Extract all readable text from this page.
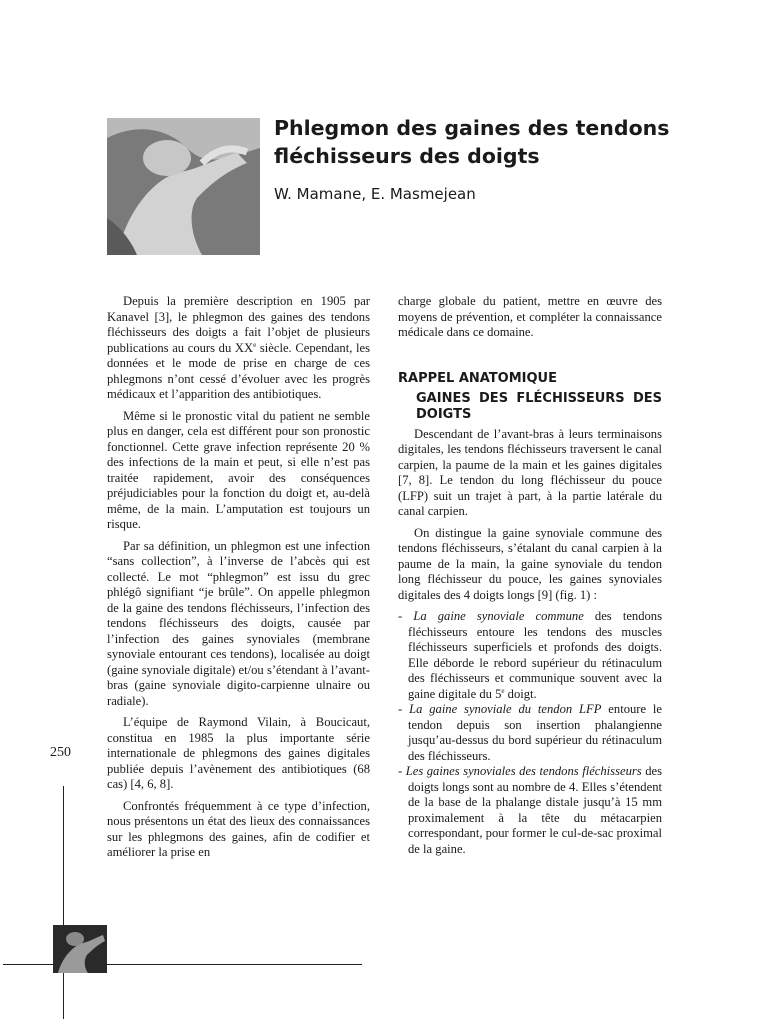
Phlegmon des gaines des tendons fléchisseurs des doigts

W. Mamane, E. Masmejean

Depuis la première description en 1905 par Kanavel [3], le phlegmon des gaines des tendons fléchisseurs des doigts a fait l’objet de plusieurs publications au cours du XXe siècle. Cependant, les données et le mode de prise en charge de ces phlegmons n’ont cessé d’évoluer avec les progrès médicaux et l’apparition des antibiotiques.

Même si le pronostic vital du patient ne semble plus en danger, cela est différent pour son pronostic fonctionnel. Cette grave infection représente 20 % des infections de la main et peut, si elle n’est pas traitée rapidement, avoir des conséquences préjudiciables pour la fonction du doigt et, au-delà même, de la main. L’amputation est toujours un risque.

Par sa définition, un phlegmon est une infection “sans collection”, à l’inverse de l’abcès qui est collecté. Le mot “phlegmon” est issu du grec phlégô signifiant “je brûle”. On appelle phlegmon de la gaine des tendons fléchisseurs, l’infection des tendons fléchisseurs des doigts, causée par l’infection des gaines synoviales (membrane synoviale entourant ces tendons), localisée au doigt (gaine synoviale digitale) et/ou s’étendant à l’avant-bras (gaine synoviale digito-carpienne ulnaire ou radiale).

L’équipe de Raymond Vilain, à Boucicaut, constitua en 1985 la plus importante série internationale de phlegmons des gaines digitales publiée depuis l’avènement des antibiotiques (68 cas) [4, 6, 8].

Confrontés fréquemment à ce type d’infection, nous présentons un état des lieux des connaissances sur les phlegmons des gaines, afin de codifier et améliorer la prise en

charge globale du patient, mettre en œuvre des moyens de prévention, et compléter la connaissance médicale dans ce domaine.

RAPPEL ANATOMIQUE
GAINES DES FLÉCHISSEURS DES DOIGTS

Descendant de l’avant-bras à leurs terminaisons digitales, les tendons fléchisseurs traversent le canal carpien, la paume de la main et les gaines digitales [7, 8]. Le tendon du long fléchisseur du pouce (LFP) suit un trajet à part, à la partie latérale du canal carpien.

On distingue la gaine synoviale commune des tendons fléchisseurs, s’étalant du canal carpien à la paume de la main, la gaine synoviale du tendon long fléchisseur du pouce, les gaines synoviales digitales des 4 doigts longs [9] (fig. 1) :

- La gaine synoviale commune des tendons fléchisseurs entoure les tendons des muscles fléchisseurs superficiels et profonds des doigts. Elle déborde le rebord supérieur du rétinaculum des fléchisseurs et communique souvent avec la gaine digitale du 5e doigt.
- La gaine synoviale du tendon LFP entoure le tendon depuis son insertion phalangienne jusqu’au-dessus du bord supérieur du rétinaculum des fléchisseurs.
- Les gaines synoviales des tendons fléchisseurs des doigts longs sont au nombre de 4. Elles s’étendent de la base de la phalange distale jusqu’à 15 mm proximalement à la tête du métacarpien correspondant, pour former le cul-de-sac proximal de la gaine.
250
